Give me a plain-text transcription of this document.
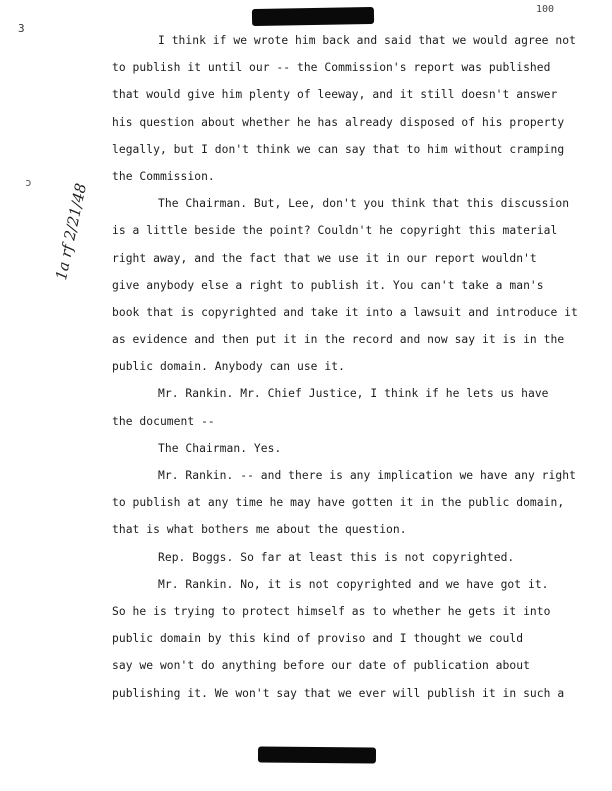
100
3
ɔ 1a rf 2/21/48
I think if we wrote him back and said that we would agree not
to publish it until our -- the Commission's report was published
that would give him plenty of leeway, and it still doesn't answer
his question about whether he has already disposed of his property
legally, but I don't think we can say that to him without cramping
the Commission.
The Chairman. But, Lee, don't you think that this discussion
is a little beside the point? Couldn't he copyright this material
right away, and the fact that we use it in our report wouldn't
give anybody else a right to publish it. You can't take a man's
book that is copyrighted and take it into a lawsuit and introduce it
as evidence and then put it in the record and now say it is in the
public domain. Anybody can use it.
Mr. Rankin. Mr. Chief Justice, I think if he lets us have
the document --
The Chairman. Yes.
Mr. Rankin. -- and there is any implication we have any right
to publish at any time he may have gotten it in the public domain,
that is what bothers me about the question.
Rep. Boggs. So far at least this is not copyrighted.
Mr. Rankin. No, it is not copyrighted and we have got it.
So he is trying to protect himself as to whether he gets it into
public domain by this kind of proviso and I thought we could
say we won't do anything before our date of publication about
publishing it. We won't say that we ever will publish it in such a
